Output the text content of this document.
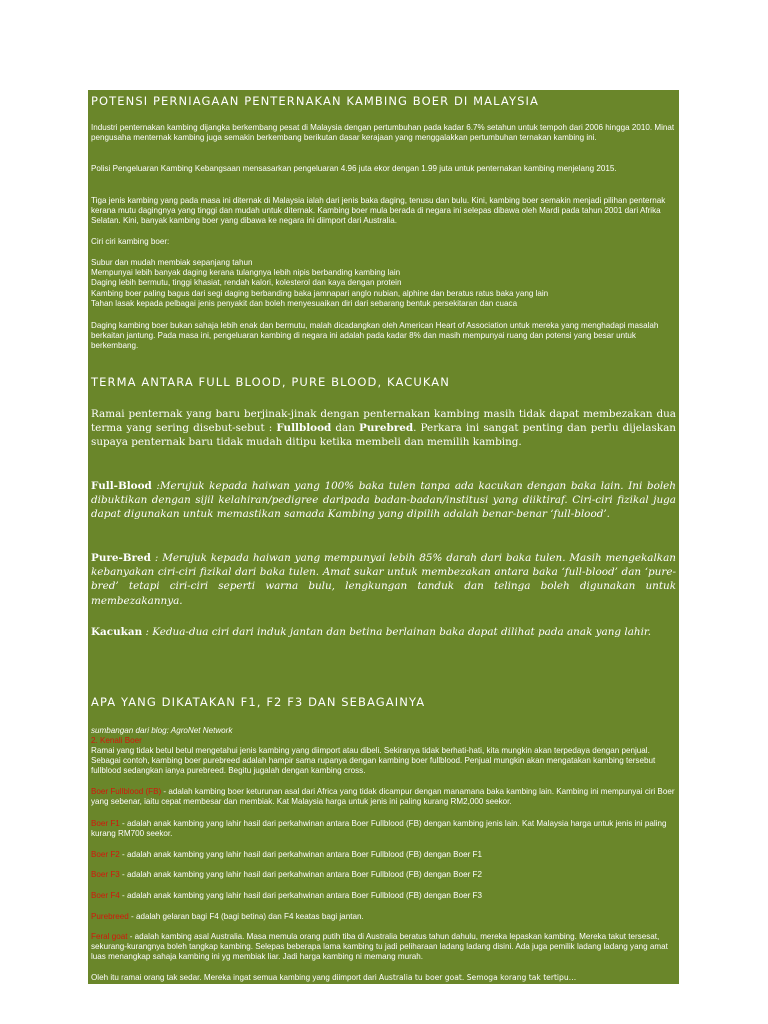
POTENSI PERNIAGAAN PENTERNAKAN KAMBING BOER DI MALAYSIA

Industri penternakan kambing dijangka berkembang pesat di Malaysia dengan pertumbuhan pada kadar 6.7% setahun untuk tempoh dari 2006 hingga 2010. Minat pengusaha menternak kambing juga semakin berkembang berikutan dasar kerajaan yang menggalakkan pertumbuhan ternakan kambing ini.

Polisi Pengeluaran Kambing Kebangsaan mensasarkan pengeluaran 4.96 juta ekor dengan 1.99 juta untuk penternakan kambing menjelang 2015.

Tiga jenis kambing yang pada masa ini diternak di Malaysia ialah dari jenis baka daging, tenusu dan bulu. Kini, kambing boer semakin menjadi pilihan penternak kerana mutu dagingnya yang tinggi dan mudah untuk diternak. Kambing boer mula berada di negara ini selepas dibawa oleh Mardi pada tahun 2001 dari Afrika Selatan. Kini, banyak kambing boer yang dibawa ke negara ini diimport dari Australia.

Ciri ciri kambing boer:

Subur dan mudah membiak sepanjang tahun
Mempunyai lebih banyak daging kerana tulangnya lebih nipis berbanding kambing lain
Daging lebih bermutu, tinggi khasiat, rendah kalori, kolesterol dan kaya dengan protein
Kambing boer paling bagus dari segi daging berbanding baka jamnapari anglo nubian, alphine dan beratus ratus baka yang lain
Tahan lasak kepada pelbagai jenis penyakit dan boleh menyesuaikan diri dari sebarang bentuk persekitaran dan cuaca

Daging kambing boer bukan sahaja lebih enak dan bermutu, malah dicadangkan oleh American Heart of Association untuk mereka yang menghadapi masalah berkaitan jantung. Pada masa ini, pengeluaran kambing di negara ini adalah pada kadar 8% dan masih mempunyai ruang dan potensi yang besar untuk berkembang.

TERMA ANTARA FULL BLOOD, PURE BLOOD, KACUKAN

Ramai penternak yang baru berjinak-jinak dengan penternakan kambing masih tidak dapat membezakan dua terma yang sering disebut-sebut : Fullblood dan Purebred. Perkara ini sangat penting dan perlu dijelaskan supaya penternak baru tidak mudah ditipu ketika membeli dan memilih kambing.

Full-Blood :Merujuk kepada haiwan yang 100% baka tulen tanpa ada kacukan dengan baka lain. Ini boleh dibuktikan dengan sijil kelahiran/pedigree daripada badan-badan/institusi yang diiktiraf. Ciri-ciri fizikal juga dapat digunakan untuk memastikan samada Kambing yang dipilih adalah benar-benar ‘full-blood’.

Pure-Bred : Merujuk kepada haiwan yang mempunyai lebih 85% darah dari baka tulen. Masih mengekalkan kebanyakan ciri-ciri fizikal dari baka tulen. Amat sukar untuk membezakan antara baka ‘full-blood’ dan ‘pure-bred’ tetapi ciri-ciri seperti warna bulu, lengkungan tanduk dan telinga boleh digunakan untuk membezakannya.

Kacukan : Kedua-dua ciri dari induk jantan dan betina berlainan baka dapat dilihat pada anak yang lahir.

APA YANG DIKATAKAN F1, F2 F3 DAN SEBAGAINYA

sumbangan dari blog: AgroNet Network

2. Kenali Boer

Ramai yang tidak betul betul mengetahui jenis kambing yang diimport atau dibeli. Sekiranya tidak berhati-hati, kita mungkin akan terpedaya dengan penjual. Sebagai contoh, kambing boer purebreed adalah hampir sama rupanya dengan kambing boer fullblood. Penjual mungkin akan mengatakan kambing tersebut fullblood sedangkan ianya purebreed. Begitu jugalah dengan kambing cross.

Boer Fullblood (FB) - adalah kambing boer keturunan asal dari Africa yang tidak dicampur dengan manamana baka kambing lain. Kambing ini mempunyai ciri Boer yang sebenar, iaitu cepat membesar dan membiak. Kat Malaysia harga untuk jenis ini paling kurang RM2,000 seekor.

Boer F1 - adalah anak kambing yang lahir hasil dari perkahwinan antara Boer Fullblood (FB) dengan kambing jenis lain. Kat Malaysia harga untuk jenis ini paling kurang RM700 seekor.

Boer F2 - adalah anak kambing yang lahir hasil dari perkahwinan antara Boer Fullblood (FB) dengan Boer F1

Boer F3 - adalah anak kambing yang lahir hasil dari perkahwinan antara Boer Fullblood (FB) dengan Boer F2

Boer F4 - adalah anak kambing yang lahir hasil dari perkahwinan antara Boer Fullblood (FB) dengan Boer F3

Purebreed - adalah gelaran bagi F4 (bagi betina) dan F4 keatas bagi jantan.

Feral goat - adalah kambing asal Australia. Masa memula orang putih tiba di Australia beratus tahun dahulu, mereka lepaskan kambing. Mereka takut tersesat, sekurang-kurangnya boleh tangkap kambing. Selepas beberapa lama kambing tu jadi peliharaan ladang ladang disini. Ada juga pemilik ladang ladang yang amat luas menangkap sahaja kambing ini yg membiak liar. Jadi harga kambing ni memang murah.

Oleh itu ramai orang tak sedar. Mereka ingat semua kambing yang diimport dari Australia tu boer goat. Semoga korang tak tertipu…
